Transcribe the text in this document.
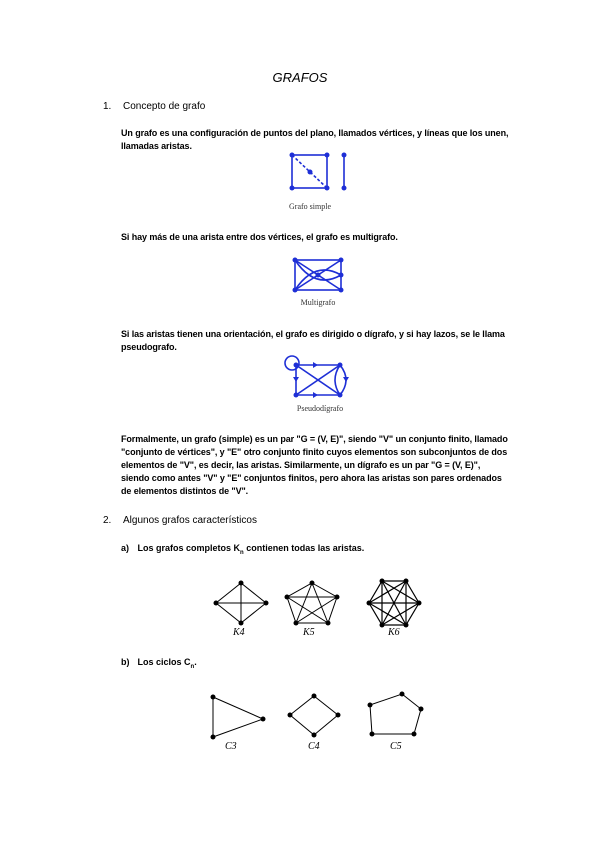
GRAFOS
1. Concepto de grafo
Un grafo es una configuración de puntos del plano, llamados vértices, y líneas que los unen, llamadas aristas.
Grafo simple
Si hay más de una arista entre dos vértices, el grafo es multigrafo.
Multigrafo
Si las aristas tienen una orientación, el grafo es dirigido o dígrafo, y si hay lazos, se le llama pseudografo.
Pseudodígrafo
Formalmente, un grafo (simple) es un par "G = (V, E)", siendo "V" un conjunto finito, llamado "conjunto de vértices", y "E" otro conjunto finito cuyos elementos son subconjuntos de dos elementos de "V", es decir, las aristas. Similarmente, un dígrafo es un par "G = (V, E)", siendo como antes "V" y "E" conjuntos finitos, pero ahora las aristas son pares ordenados de elementos distintos de "V".
2. Algunos grafos característicos
a) Los grafos completos $K_n$ contienen todas las aristas.
K4	K5	K6
b) Los ciclos $C_n$.
C3	C4	C5
